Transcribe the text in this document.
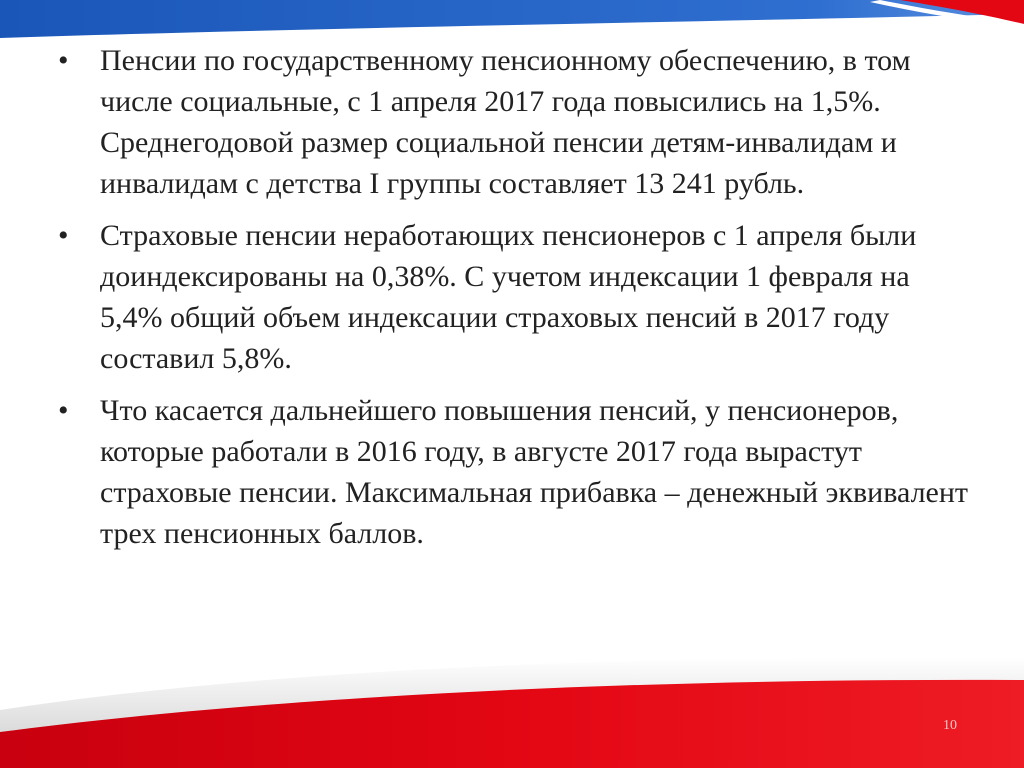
• Пенсии по государственному пенсионному обеспечению, в том числе социальные, с 1 апреля 2017 года повысились на 1,5%. Среднегодовой размер социальной пенсии детям-инвалидам и инвалидам с детства I группы составляет 13 241 рубль.
• Страховые пенсии неработающих пенсионеров с 1 апреля были доиндексированы на 0,38%. С учетом индексации 1 февраля на 5,4% общий объем индексации страховых пенсий в 2017 году составил 5,8%.
• Что касается дальнейшего повышения пенсий, у пенсионеров, которые работали в 2016 году, в августе 2017 года вырастут страховые пенсии. Максимальная прибавка – денежный эквивалент трех пенсионных баллов.
10
